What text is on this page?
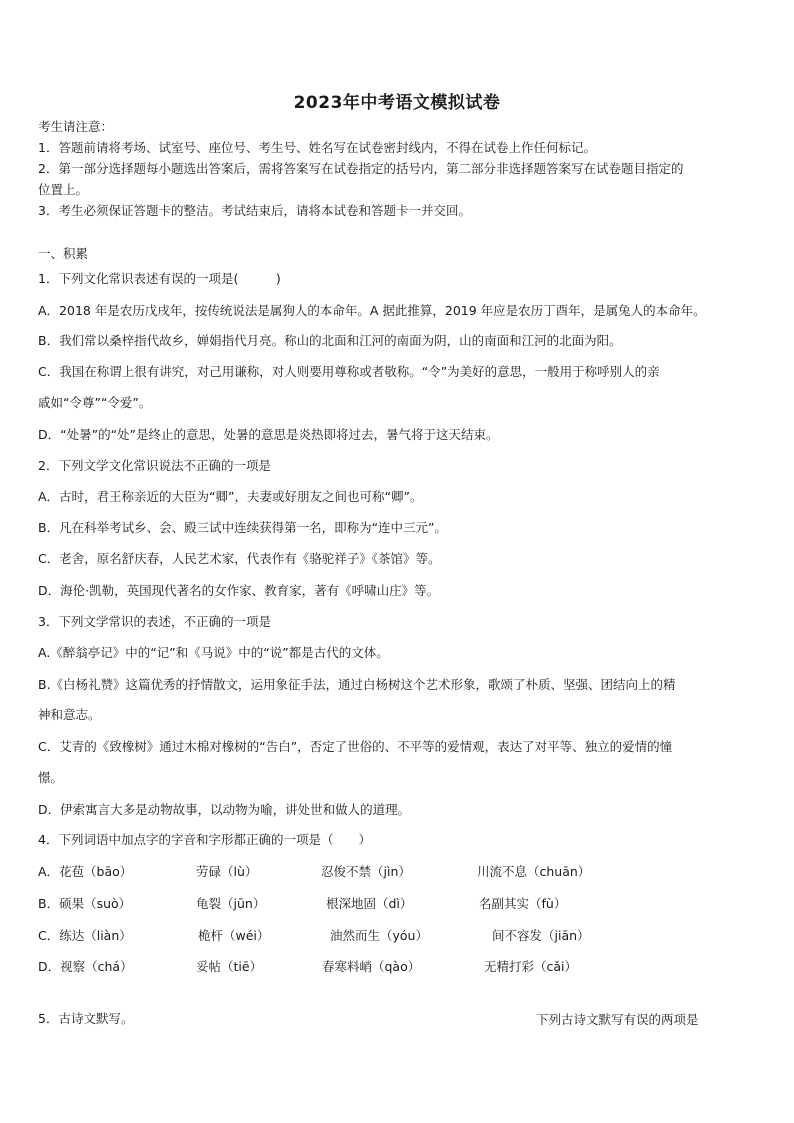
2023年中考语文模拟试卷
考生请注意：
1．答题前请将考场、试室号、座位号、考生号、姓名写在试卷密封线内，不得在试卷上作任何标记。
2．第一部分选择题每小题选出答案后，需将答案写在试卷指定的括号内，第二部分非选择题答案写在试卷题目指定的
位置上。
3．考生必须保证答题卡的整洁。考试结束后，请将本试卷和答题卡一并交回。
一、积累
1．下列文化常识表述有误的一项是(　　　)
A．2018 年是农历戊戌年，按传统说法是属狗人的本命年。A 据此推算，2019 年应是农历丁酉年，是属兔人的本命年。
B．我们常以桑梓指代故乡，婵娟指代月亮。称山的北面和江河的南面为阴，山的南面和江河的北面为阳。
C．我国在称谓上很有讲究，对己用谦称，对人则要用尊称或者敬称。“令”为美好的意思，一般用于称呼别人的亲
戚如“令尊”“令爱”。
D．“处暑”的“处”是终止的意思，处暑的意思是炎热即将过去，暑气将于这天结束。
2．下列文学文化常识说法不正确的一项是
A．古时，君王称亲近的大臣为“卿”，夫妻或好朋友之间也可称“卿”。
B．凡在科举考试乡、会、殿三试中连续获得第一名，即称为“连中三元”。
C．老舍，原名舒庆春，人民艺术家，代表作有《骆驼祥子》《茶馆》等。
D．海伦·凯勒，英国现代著名的女作家、教育家，著有《呼啸山庄》等。
3．下列文学常识的表述，不正确的一项是
A.《醉翁亭记》中的“记”和《马说》中的“说”都是古代的文体。
B.《白杨礼赞》这篇优秀的抒情散文，运用象征手法，通过白杨树这个艺术形象，歌颂了朴质、坚强、团结向上的精
神和意志。
C．艾青的《致橡树》通过木棉对橡树的“告白”，否定了世俗的、不平等的爱情观，表达了对平等、独立的爱情的憧
憬。
D．伊索寓言大多是动物故事，以动物为喻，讲处世和做人的道理。
4．下列词语中加点字的字音和字形都正确的一项是（　　）
A．花苞（bāo）	劳碌（lù）	忍俊不禁（jìn）	川流不息（chuān）
B．硕果（suò）	龟裂（jūn）	根深地固（dì）	名副其实（fù）
C．练达（liàn）	桅杆（wéi）	油然而生（yóu）	间不容发（jiān）
D．视察（chá）	妥帖（tiē）	春寒料峭（qào）	无精打彩（cǎi）
5．古诗文默写。	下列古诗文默写有误的两项是
